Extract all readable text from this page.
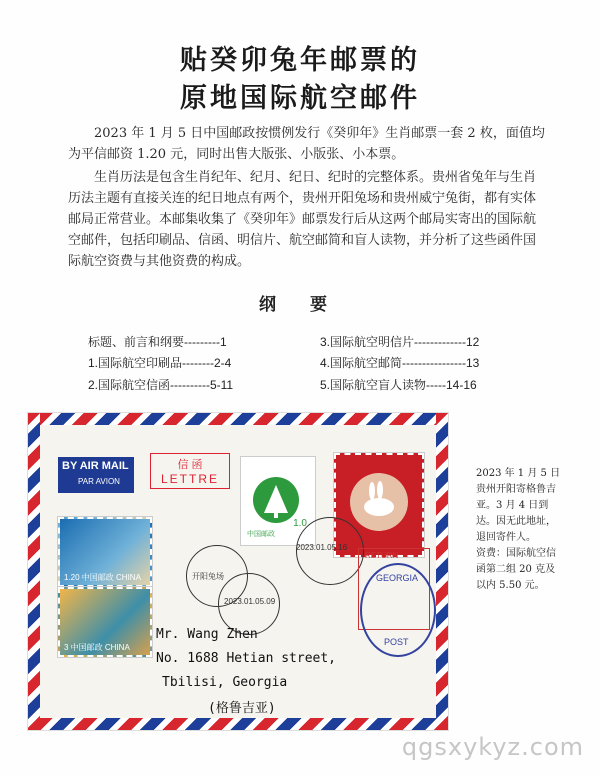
贴癸卯兔年邮票的
原地国际航空邮件

2023 年 1 月 5 日中国邮政按惯例发行《癸卯年》生肖邮票一套 2 枚，面值均为平信邮资 1.20 元，同时出售大版张、小版张、小本票。

生肖历法是包含生肖纪年、纪月、纪日、纪时的完整体系。贵州省兔年与生肖历法主题有直接关连的纪日地点有两个，贵州开阳兔场和贵州威宁兔街，都有实体邮局正常营业。本邮集收集了《癸卯年》邮票发行后从这两个邮局实寄出的国际航空邮件，包括印刷品、信函、明信片、航空邮简和盲人读物，并分析了这些函件国际航空资费与其他资费的构成。

纲 要
标题、前言和纲要---------1
1.国际航空印刷品--------2-4
2.国际航空信函----------5-11
3.国际航空明信片-------------12
4.国际航空邮简----------------13
5.国际航空盲人读物-----14-16
BY AIR MAIL
PAR AVION
信 函
LETTRE
中国邮政
1.0
1.20 中国邮政 CHINA
3 中国邮政 CHINA
开阳兔场
2023.01.05.16
2023.01.05.09
RETURN
GEORGIA
POST
Mr. Wang Zhen
No. 1688 Hetian street,
Tbilisi, Georgia
(格鲁吉亚)
2023 年 1 月 5 日贵州开阳寄格鲁吉亚。3 月 4 日到达。因无此地址，退回寄件人。
资费：国际航空信函第二组 20 克及以内 5.50 元。
qgsxykyz.com
